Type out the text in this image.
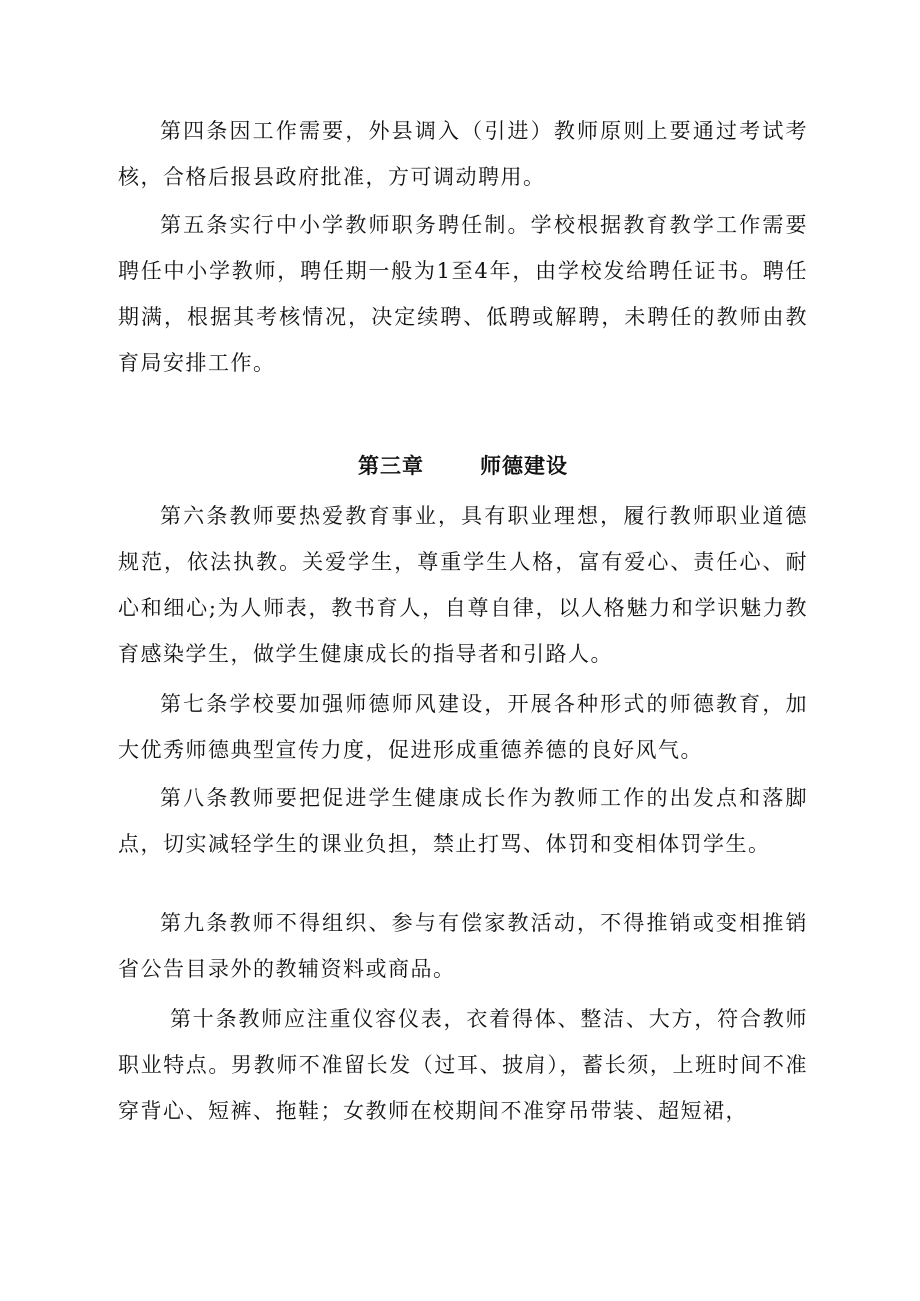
第四条因工作需要，外县调入（引进）教师原则上要通过考试考核，合格后报县政府批准，方可调动聘用。

第五条实行中小学教师职务聘任制。学校根据教育教学工作需要聘任中小学教师，聘任期一般为1至4年，由学校发给聘任证书。聘任期满，根据其考核情况，决定续聘、低聘或解聘，未聘任的教师由教育局安排工作。

第三章	师德建设

第六条教师要热爱教育事业，具有职业理想，履行教师职业道德规范，依法执教。关爱学生，尊重学生人格，富有爱心、责任心、耐心和细心;为人师表，教书育人，自尊自律，以人格魅力和学识魅力教育感染学生，做学生健康成长的指导者和引路人。

第七条学校要加强师德师风建设，开展各种形式的师德教育，加大优秀师德典型宣传力度，促进形成重德养德的良好风气。

第八条教师要把促进学生健康成长作为教师工作的出发点和落脚点，切实减轻学生的课业负担，禁止打骂、体罚和变相体罚学生。

第九条教师不得组织、参与有偿家教活动，不得推销或变相推销省公告目录外的教辅资料或商品。

第十条教师应注重仪容仪表，衣着得体、整洁、大方，符合教师职业特点。男教师不准留长发（过耳、披肩），蓄长须，上班时间不准穿背心、短裤、拖鞋；女教师在校期间不准穿吊带装、超短裙，
